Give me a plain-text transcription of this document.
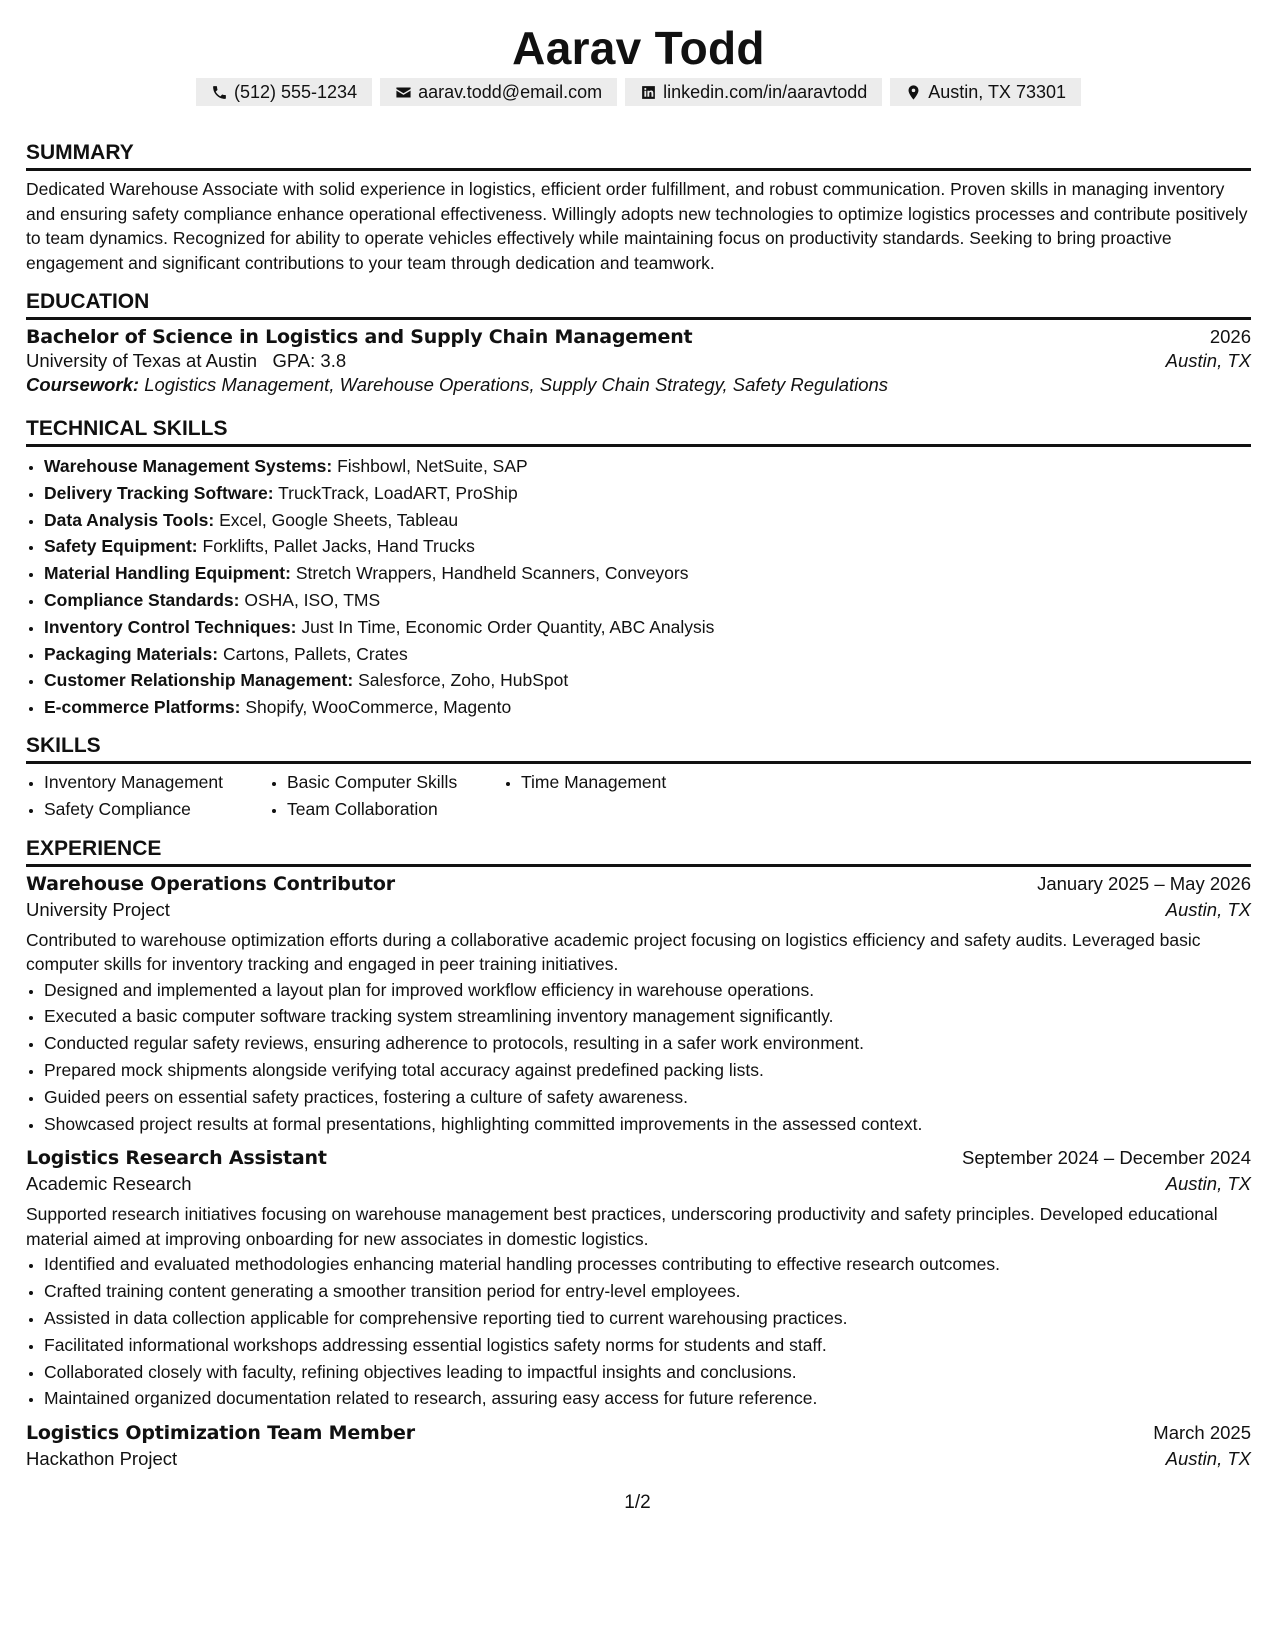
Aarav Todd
(512) 555-1234	aarav.todd@email.com	linkedin.com/in/aaravtodd	Austin, TX 73301
SUMMARY

Dedicated Warehouse Associate with solid experience in logistics, efficient order fulfillment, and robust communication. Proven skills in managing inventory and ensuring safety compliance enhance operational effectiveness. Willingly adopts new technologies to optimize logistics processes and contribute positively to team dynamics. Recognized for ability to operate vehicles effectively while maintaining focus on productivity standards. Seeking to bring proactive engagement and significant contributions to your team through dedication and teamwork.

EDUCATION
Bachelor of Science in Logistics and Supply Chain Management	2026
University of Texas at Austin GPA: 3.8	Austin, TX
Coursework: Logistics Management, Warehouse Operations, Supply Chain Strategy, Safety Regulations
TECHNICAL SKILLS
• Warehouse Management Systems: Fishbowl, NetSuite, SAP
• Delivery Tracking Software: TruckTrack, LoadART, ProShip
• Data Analysis Tools: Excel, Google Sheets, Tableau
• Safety Equipment: Forklifts, Pallet Jacks, Hand Trucks
• Material Handling Equipment: Stretch Wrappers, Handheld Scanners, Conveyors
• Compliance Standards: OSHA, ISO, TMS
• Inventory Control Techniques: Just In Time, Economic Order Quantity, ABC Analysis
• Packaging Materials: Cartons, Pallets, Crates
• Customer Relationship Management: Salesforce, Zoho, HubSpot
• E-commerce Platforms: Shopify, WooCommerce, Magento
SKILLS
• Inventory Management
• Safety Compliance
• Basic Computer Skills
• Team Collaboration
• Time Management
EXPERIENCE
Warehouse Operations Contributor	January 2025 – May 2026
University Project	Austin, TX

Contributed to warehouse optimization efforts during a collaborative academic project focusing on logistics efficiency and safety audits. Leveraged basic computer skills for inventory tracking and engaged in peer training initiatives.

• Designed and implemented a layout plan for improved workflow efficiency in warehouse operations.
• Executed a basic computer software tracking system streamlining inventory management significantly.
• Conducted regular safety reviews, ensuring adherence to protocols, resulting in a safer work environment.
• Prepared mock shipments alongside verifying total accuracy against predefined packing lists.
• Guided peers on essential safety practices, fostering a culture of safety awareness.
• Showcased project results at formal presentations, highlighting committed improvements in the assessed context.
Logistics Research Assistant	September 2024 – December 2024
Academic Research	Austin, TX

Supported research initiatives focusing on warehouse management best practices, underscoring productivity and safety principles. Developed educational material aimed at improving onboarding for new associates in domestic logistics.

• Identified and evaluated methodologies enhancing material handling processes contributing to effective research outcomes.
• Crafted training content generating a smoother transition period for entry-level employees.
• Assisted in data collection applicable for comprehensive reporting tied to current warehousing practices.
• Facilitated informational workshops addressing essential logistics safety norms for students and staff.
• Collaborated closely with faculty, refining objectives leading to impactful insights and conclusions.
• Maintained organized documentation related to research, assuring easy access for future reference.
Logistics Optimization Team Member	March 2025
Hackathon Project	Austin, TX
1/2
